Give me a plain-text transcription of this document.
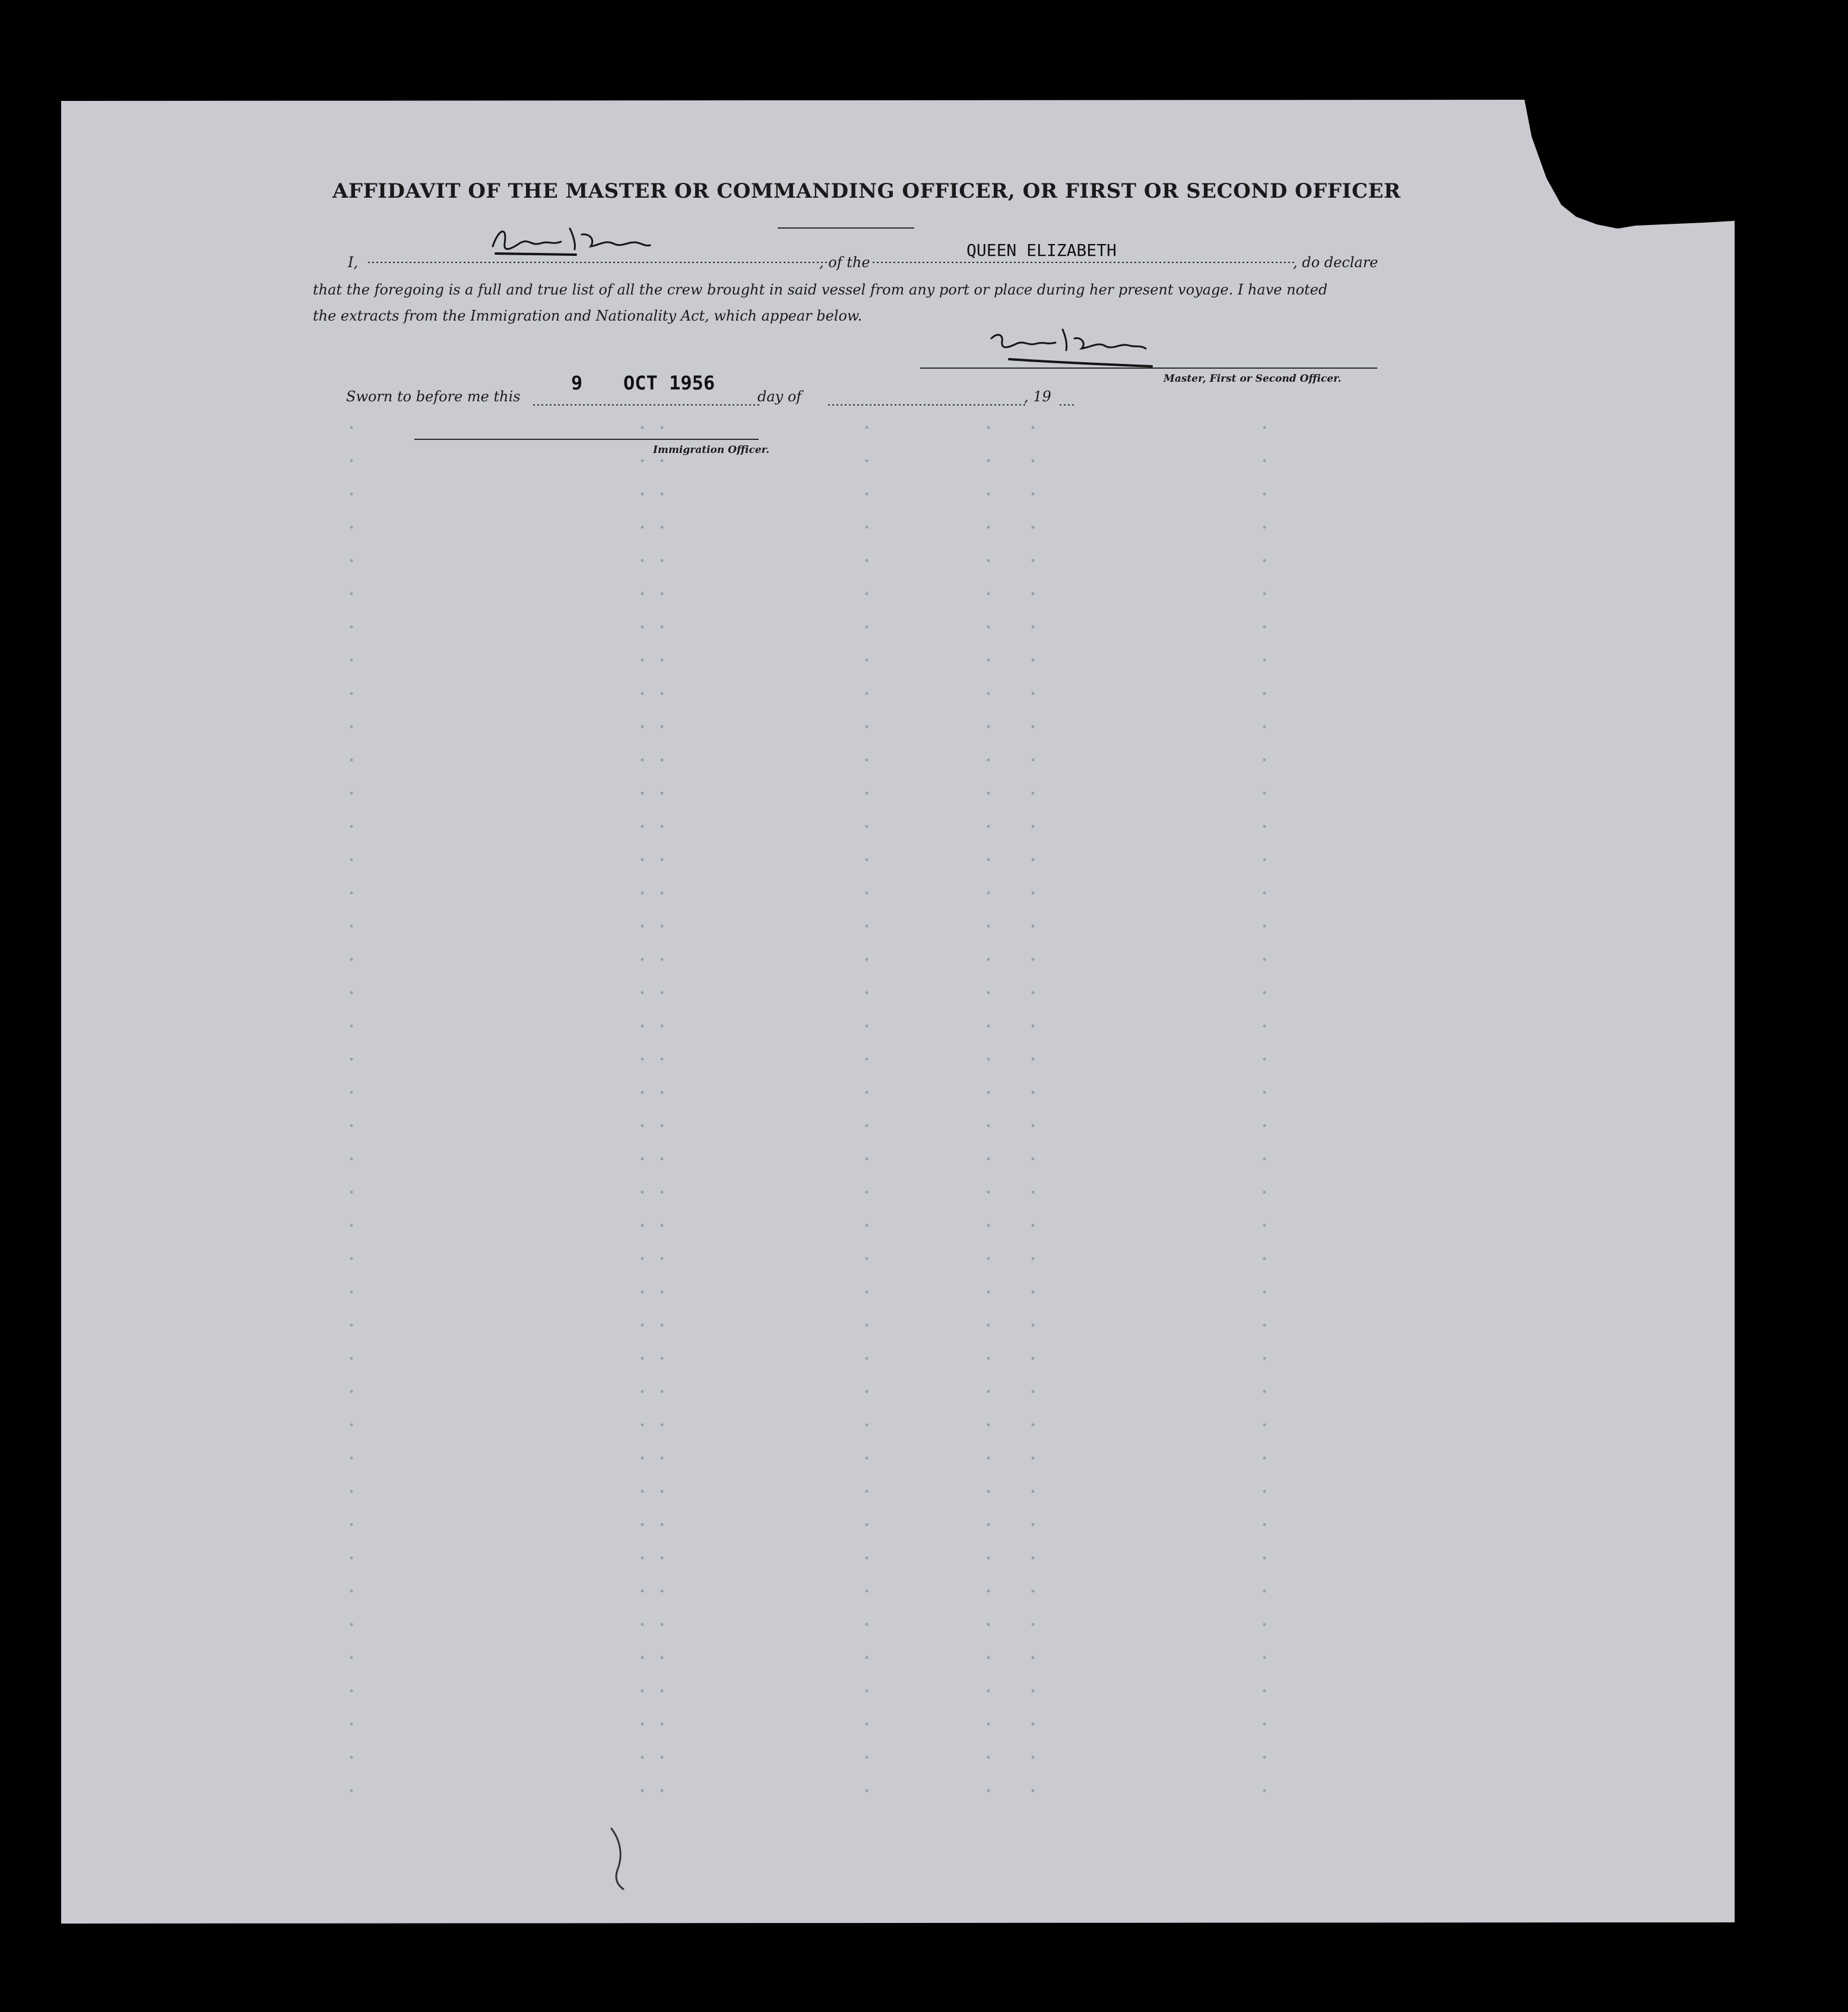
AFFIDAVIT OF THE MASTER OR COMMANDING OFFICER, OR FIRST OR SECOND OFFICER
I,	, of the
QUEEN ELIZABETH
, do declare
that the foregoing is a full and true list of all the crew brought in said vessel from any port or place during her present voyage. I have noted
the extracts from the Immigration and Nationality Act, which appear below.
Master, First or Second Officer.
Sworn to before me this
9 OCT 1956
day of	, 19
Immigration Officer.
